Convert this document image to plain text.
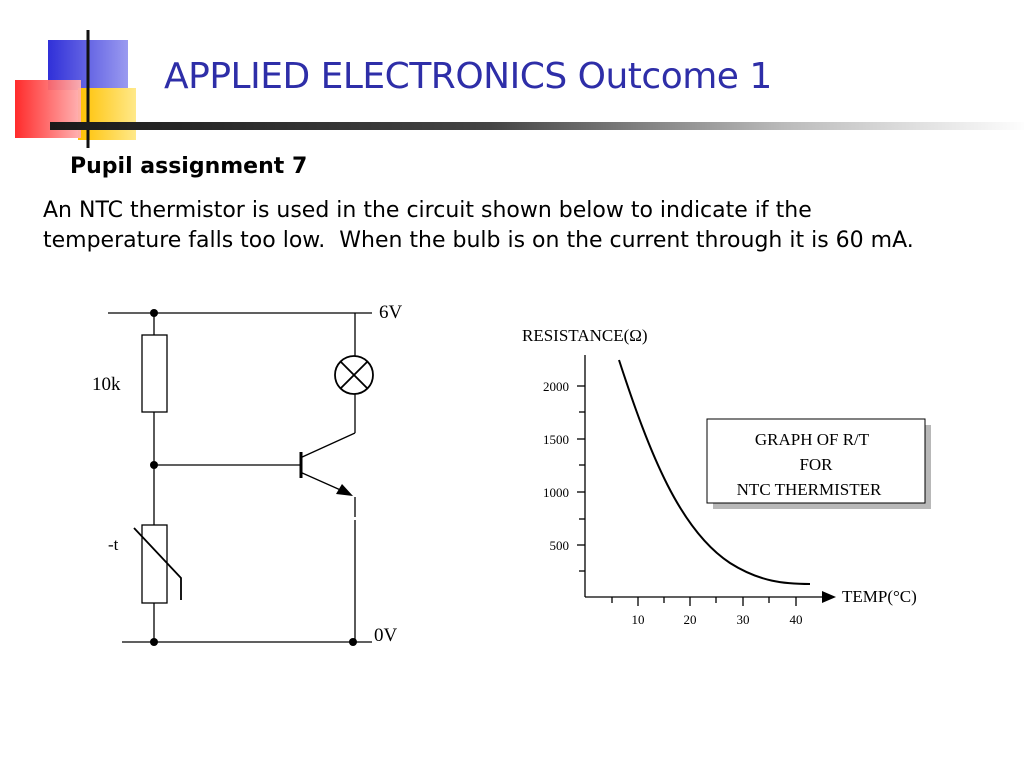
APPLIED ELECTRONICS Outcome 1
Pupil assignment 7
An NTC thermistor is used in the circuit shown below to indicate if the
temperature falls too low.  When the bulb is on the current through it is 60 mA.
6V
0V
10k
-t
RESISTANCE(Ω)
TEMP(°C)
2000
1500
1000
500
10	20	30	40
GRAPH OF R/T
FOR
NTC THERMISTER
